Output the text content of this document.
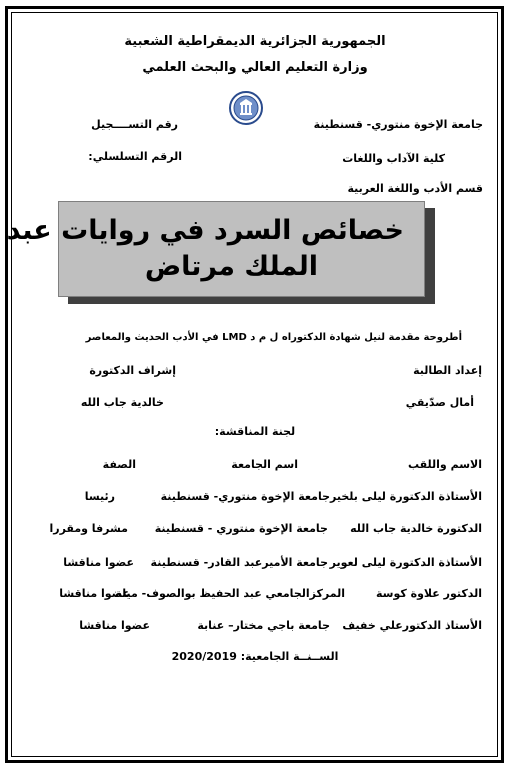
الجمهورية الجزائرية الديمقراطية الشعبية
وزارة التعليم العالي والبحث العلمي
جامعة الإخوة منتوري- قسنطينة
كلية الآداب واللغات
قسم الأدب واللغة العربية
رقم التســــجيل
الرقم التسلسلي:
خصائص السرد في روايات عبد
الملك مرتاض
أطروحة مقدمة لنيل شهادة الدكتوراه ل م د LMD في الأدب الحديث والمعاصر
إعداد الطالبة
إشراف الدكتورة
أمال صدّيقي
خالدية جاب الله
لجنة المناقشة:
الاسم واللقب
اسم الجامعة
الصفة
الأستاذة الدكتورة ليلى بلخير
جامعة الإخوة منتوري- قسنطينة
رئيسا
الدكتورة خالدية جاب الله
جامعة الإخوة منتوري - قسنطينة
مشرفا ومقررا
الأستاذة الدكتورة ليلى لعوير
جامعة الأميرعبد القادر- قسنطينة
عضوا مناقشا
الدكتور علاوة كوسة
المركزالجامعي عبد الحفيظ بوالصوف- ميلة
عضوا مناقشا
الأستاذ الدكتورعلي خفيف
جامعة باجي مختار– عنابة
عضوا مناقشا
الســنــة الجامعية: 2020/2019
